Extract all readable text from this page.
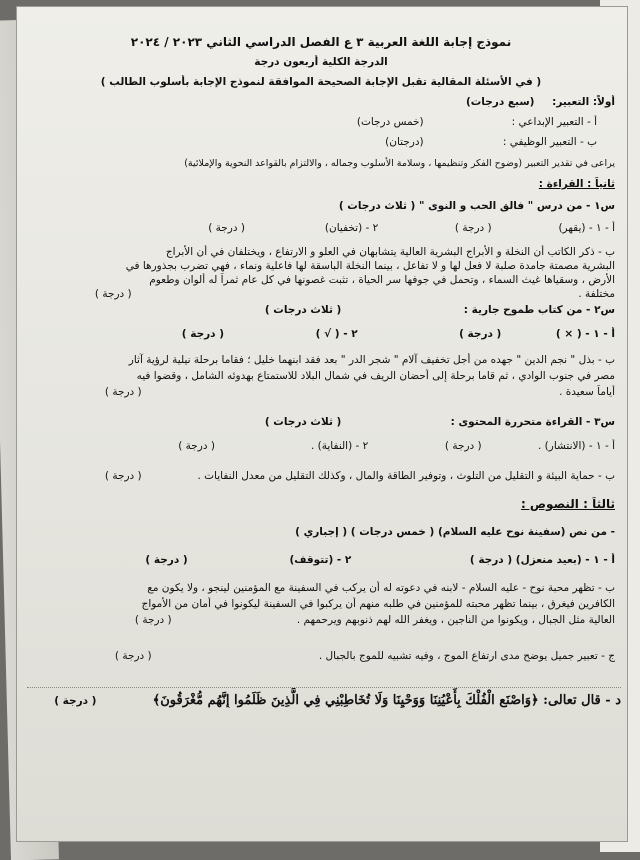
نموذج إجابة اللغة العربية ٣ ع الفصل الدراسي الثاني ٢٠٢٣ / ٢٠٢٤
الدرجة الكلية أربعون درجة
( في الأسئلة المقالية تقبل الإجابة الصحيحة الموافقة لنموذج الإجابة بأسلوب الطالب )
أولاً: التعبير: (سبع درجات)
أ - التعبير الإبداعي : (خمس درجات)
ب - التعبير الوظيفي : (درجتان)
يراعى في تقدير التعبير (وضوح الفكر وتنظيمها ، وسلامة الأسلوب وجماله ، والالتزام بالقواعد النحوية والإملائية)
ثانياً : القراءة :
س١ - من درس " فالق الحب و النوى " ( ثلاث درجات )
أ - ١ - (يقهر) ( درجة ) ٢ - (تخفيان) ( درجة )
ب - ذكر الكاتب أن النخلة و الأبراج البشرية العالية يتشابهان في العلو و الارتفاع ، ويختلفان في أن الأبراج
البشرية مصمتة جامدة صلبة لا فعل لها و لا تفاعل ، بينما النخلة الباسقة لها فاعلية ونماء ، فهي تضرب بجذورها في
الأرض ، وسقياها غيث السماء ، وتحمل في جوفها سر الحياة ، تثبت غصونها في كل عام ثمراً له ألوان وطعوم
مختلفة . ( درجة )
س٢ - من كتاب طموح جارية : ( ثلاث درجات )
أ - ١ - ( × ) ( درجة ) ٢ - ( √ ) ( درجة )
ب - بذل " نجم الدين " جهده من أجل تخفيف آلام " شجر الدر " بعد فقد ابنهما خليل ؛ فقاما برحلة نيلية لرؤية آثار
مصر في جنوب الوادي ، ثم قاما برحلة إلى أحضان الريف في شمال البلاد للاستمتاع بهدوئه الشامل ، وقضوا فيه
أياماً سعيدة . ( درجة )
س٣ - القراءة متحررة المحتوى : ( ثلاث درجات )
أ - ١ - (الانتشار) . ( درجة ) ٢ - (النفاية) . ( درجة )
ب - حماية البيئة و التقليل من التلوث ، وتوفير الطاقة والمال ، وكذلك التقليل من معدل النفايات . ( درجة )
ثالثاً : النصوص :
- من نص (سفينة نوح عليه السلام) ( خمس درجات ) ( إجباري )
أ - ١ - (بعيد منعزل) ( درجة ) ٢ - (تتوقف) ( درجة )
ب - تظهر محبة نوح - عليه السلام - لابنه في دعوته له أن يركب في السفينة مع المؤمنين لينجو ، ولا يكون مع
الكافرين فيغرق ، بينما تظهر محبته للمؤمنين في طلبه منهم أن يركبوا في السفينة ليكونوا في أمان من الأمواج
العالية مثل الجبال ، ويكونوا من الناجين ، ويغفر الله لهم ذنوبهم ويرحمهم . ( درجة )
ج - تعبير جميل يوضح مدى ارتفاع الموج ، وفيه تشبيه للموج بالجبال . ( درجة )
د - قال تعالى: ﴿وَاصْنَعِ الْفُلْكَ بِأَعْيُنِنَا وَوَحْيِنَا وَلَا تُخَاطِبْنِي فِي الَّذِينَ ظَلَمُوا إِنَّهُم مُّغْرَقُونَ﴾ ( درجة )
